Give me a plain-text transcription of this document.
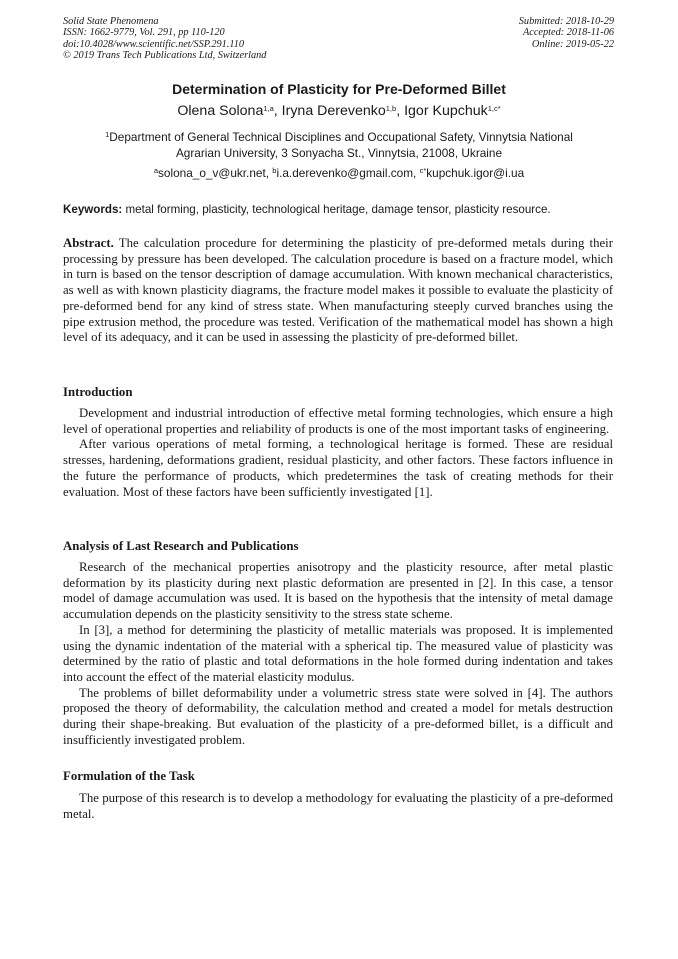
Solid State Phenomena
ISSN: 1662-9779, Vol. 291, pp 110-120
doi:10.4028/www.scientific.net/SSP.291.110
© 2019 Trans Tech Publications Ltd, Switzerland
Submitted: 2018-10-29
Accepted: 2018-11-06
Online: 2019-05-22
Determination of Plasticity for Pre-Deformed Billet
Olena Solona$^{1,a}$, Iryna Derevenko$^{1,b}$, Igor Kupchuk$^{1,c*}$
$^1$Department of General Technical Disciplines and Occupational Safety, Vinnytsia National Agrarian University, 3 Sonyacha St., Vinnytsia, 21008, Ukraine
$^a$solona_o_v@ukr.net, $^b$i.a.derevenko@gmail.com, $^{c*}$kupchuk.igor@i.ua
Keywords: metal forming, plasticity, technological heritage, damage tensor, plasticity resource.
Abstract. The calculation procedure for determining the plasticity of pre-deformed metals during their processing by pressure has been developed. The calculation procedure is based on a fracture model, which in turn is based on the tensor description of damage accumulation. With known mechanical characteristics, as well as with known plasticity diagrams, the fracture model makes it possible to evaluate the plasticity of pre-deformed bend for any kind of stress state. When manufacturing steeply curved branches using the pipe extrusion method, the procedure was tested. Verification of the mathematical model has shown a high level of its adequacy, and it can be used in assessing the plasticity of pre-deformed billet.
Introduction

Development and industrial introduction of effective metal forming technologies, which ensure a high level of operational properties and reliability of products is one of the most important tasks of engineering.

After various operations of metal forming, a technological heritage is formed. These are residual stresses, hardening, deformations gradient, residual plasticity, and other factors. These factors influence in the future the performance of products, which predetermines the task of creating methods for their evaluation. Most of these factors have been sufficiently investigated [1].

Analysis of Last Research and Publications

Research of the mechanical properties anisotropy and the plasticity resource, after metal plastic deformation by its plasticity during next plastic deformation are presented in [2]. In this case, a tensor model of damage accumulation was used. It is based on the hypothesis that the intensity of metal damage accumulation depends on the plasticity sensitivity to the stress state scheme.

In [3], a method for determining the plasticity of metallic materials was proposed. It is implemented using the dynamic indentation of the material with a spherical tip. The measured value of plasticity was determined by the ratio of plastic and total deformations in the hole formed during indentation and takes into account the effect of the material elasticity modulus.

The problems of billet deformability under a volumetric stress state were solved in [4]. The authors proposed the theory of deformability, the calculation method and created a model for metals destruction during their shape-breaking. But evaluation of the plasticity of a pre-deformed billet, is a difficult and insufficiently investigated problem.

Formulation of the Task

The purpose of this research is to develop a methodology for evaluating the plasticity of a pre-deformed metal.
